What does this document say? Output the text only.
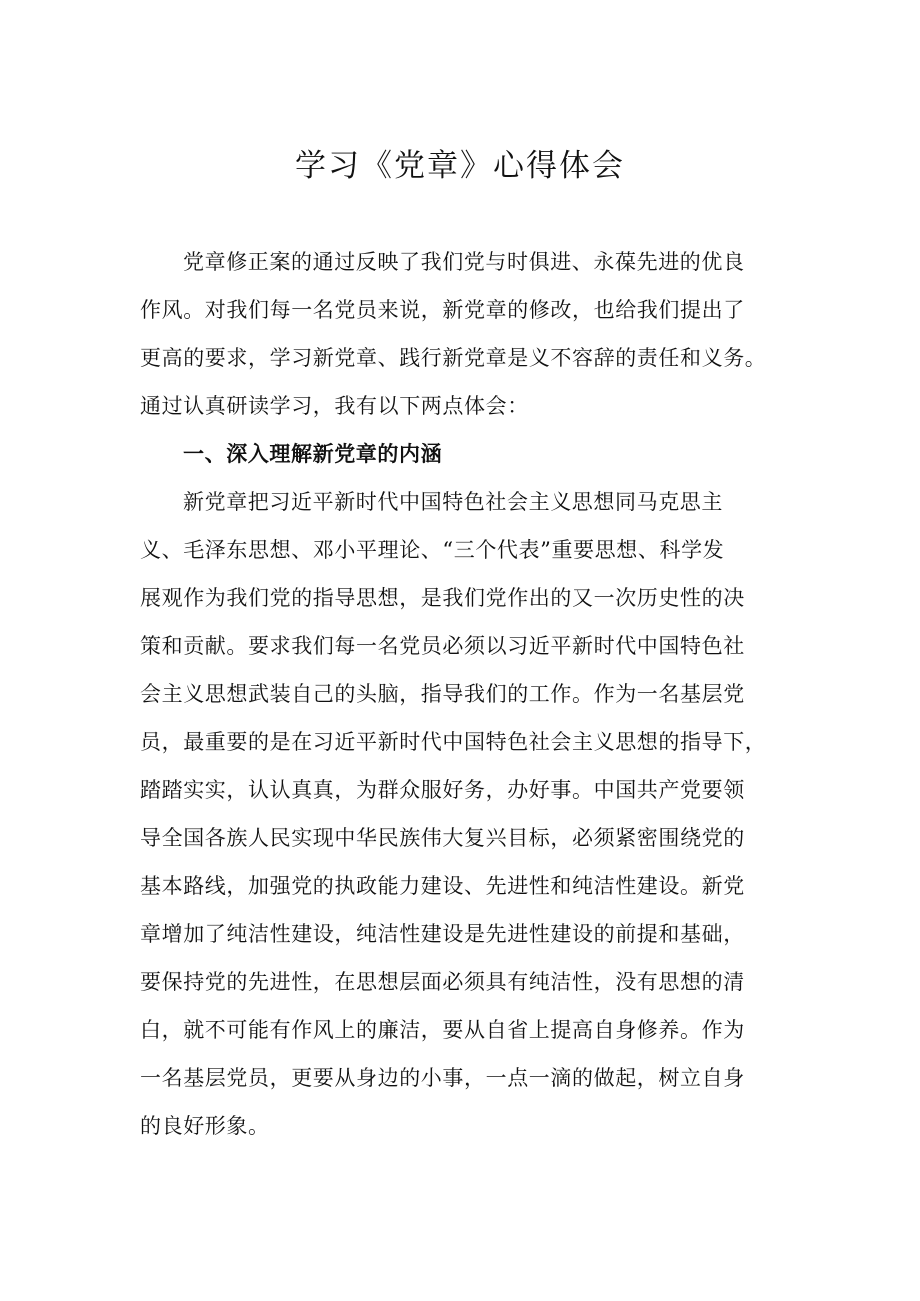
学习《党章》心得体会
党章修正案的通过反映了我们党与时俱进、永葆先进的优良
作风。对我们每一名党员来说，新党章的修改，也给我们提出了
更高的要求，学习新党章、践行新党章是义不容辞的责任和义务。
通过认真研读学习，我有以下两点体会：
一、深入理解新党章的内涵
新党章把习近平新时代中国特色社会主义思想同马克思主
义、毛泽东思想、邓小平理论、“三个代表”重要思想、科学发
展观作为我们党的指导思想，是我们党作出的又一次历史性的决
策和贡献。要求我们每一名党员必须以习近平新时代中国特色社
会主义思想武装自己的头脑，指导我们的工作。作为一名基层党
员，最重要的是在习近平新时代中国特色社会主义思想的指导下，
踏踏实实，认认真真，为群众服好务，办好事。中国共产党要领
导全国各族人民实现中华民族伟大复兴目标，必须紧密围绕党的
基本路线，加强党的执政能力建设、先进性和纯洁性建设。新党
章增加了纯洁性建设，纯洁性建设是先进性建设的前提和基础，
要保持党的先进性，在思想层面必须具有纯洁性，没有思想的清
白，就不可能有作风上的廉洁，要从自省上提高自身修养。作为
一名基层党员，更要从身边的小事，一点一滴的做起，树立自身
的良好形象。
